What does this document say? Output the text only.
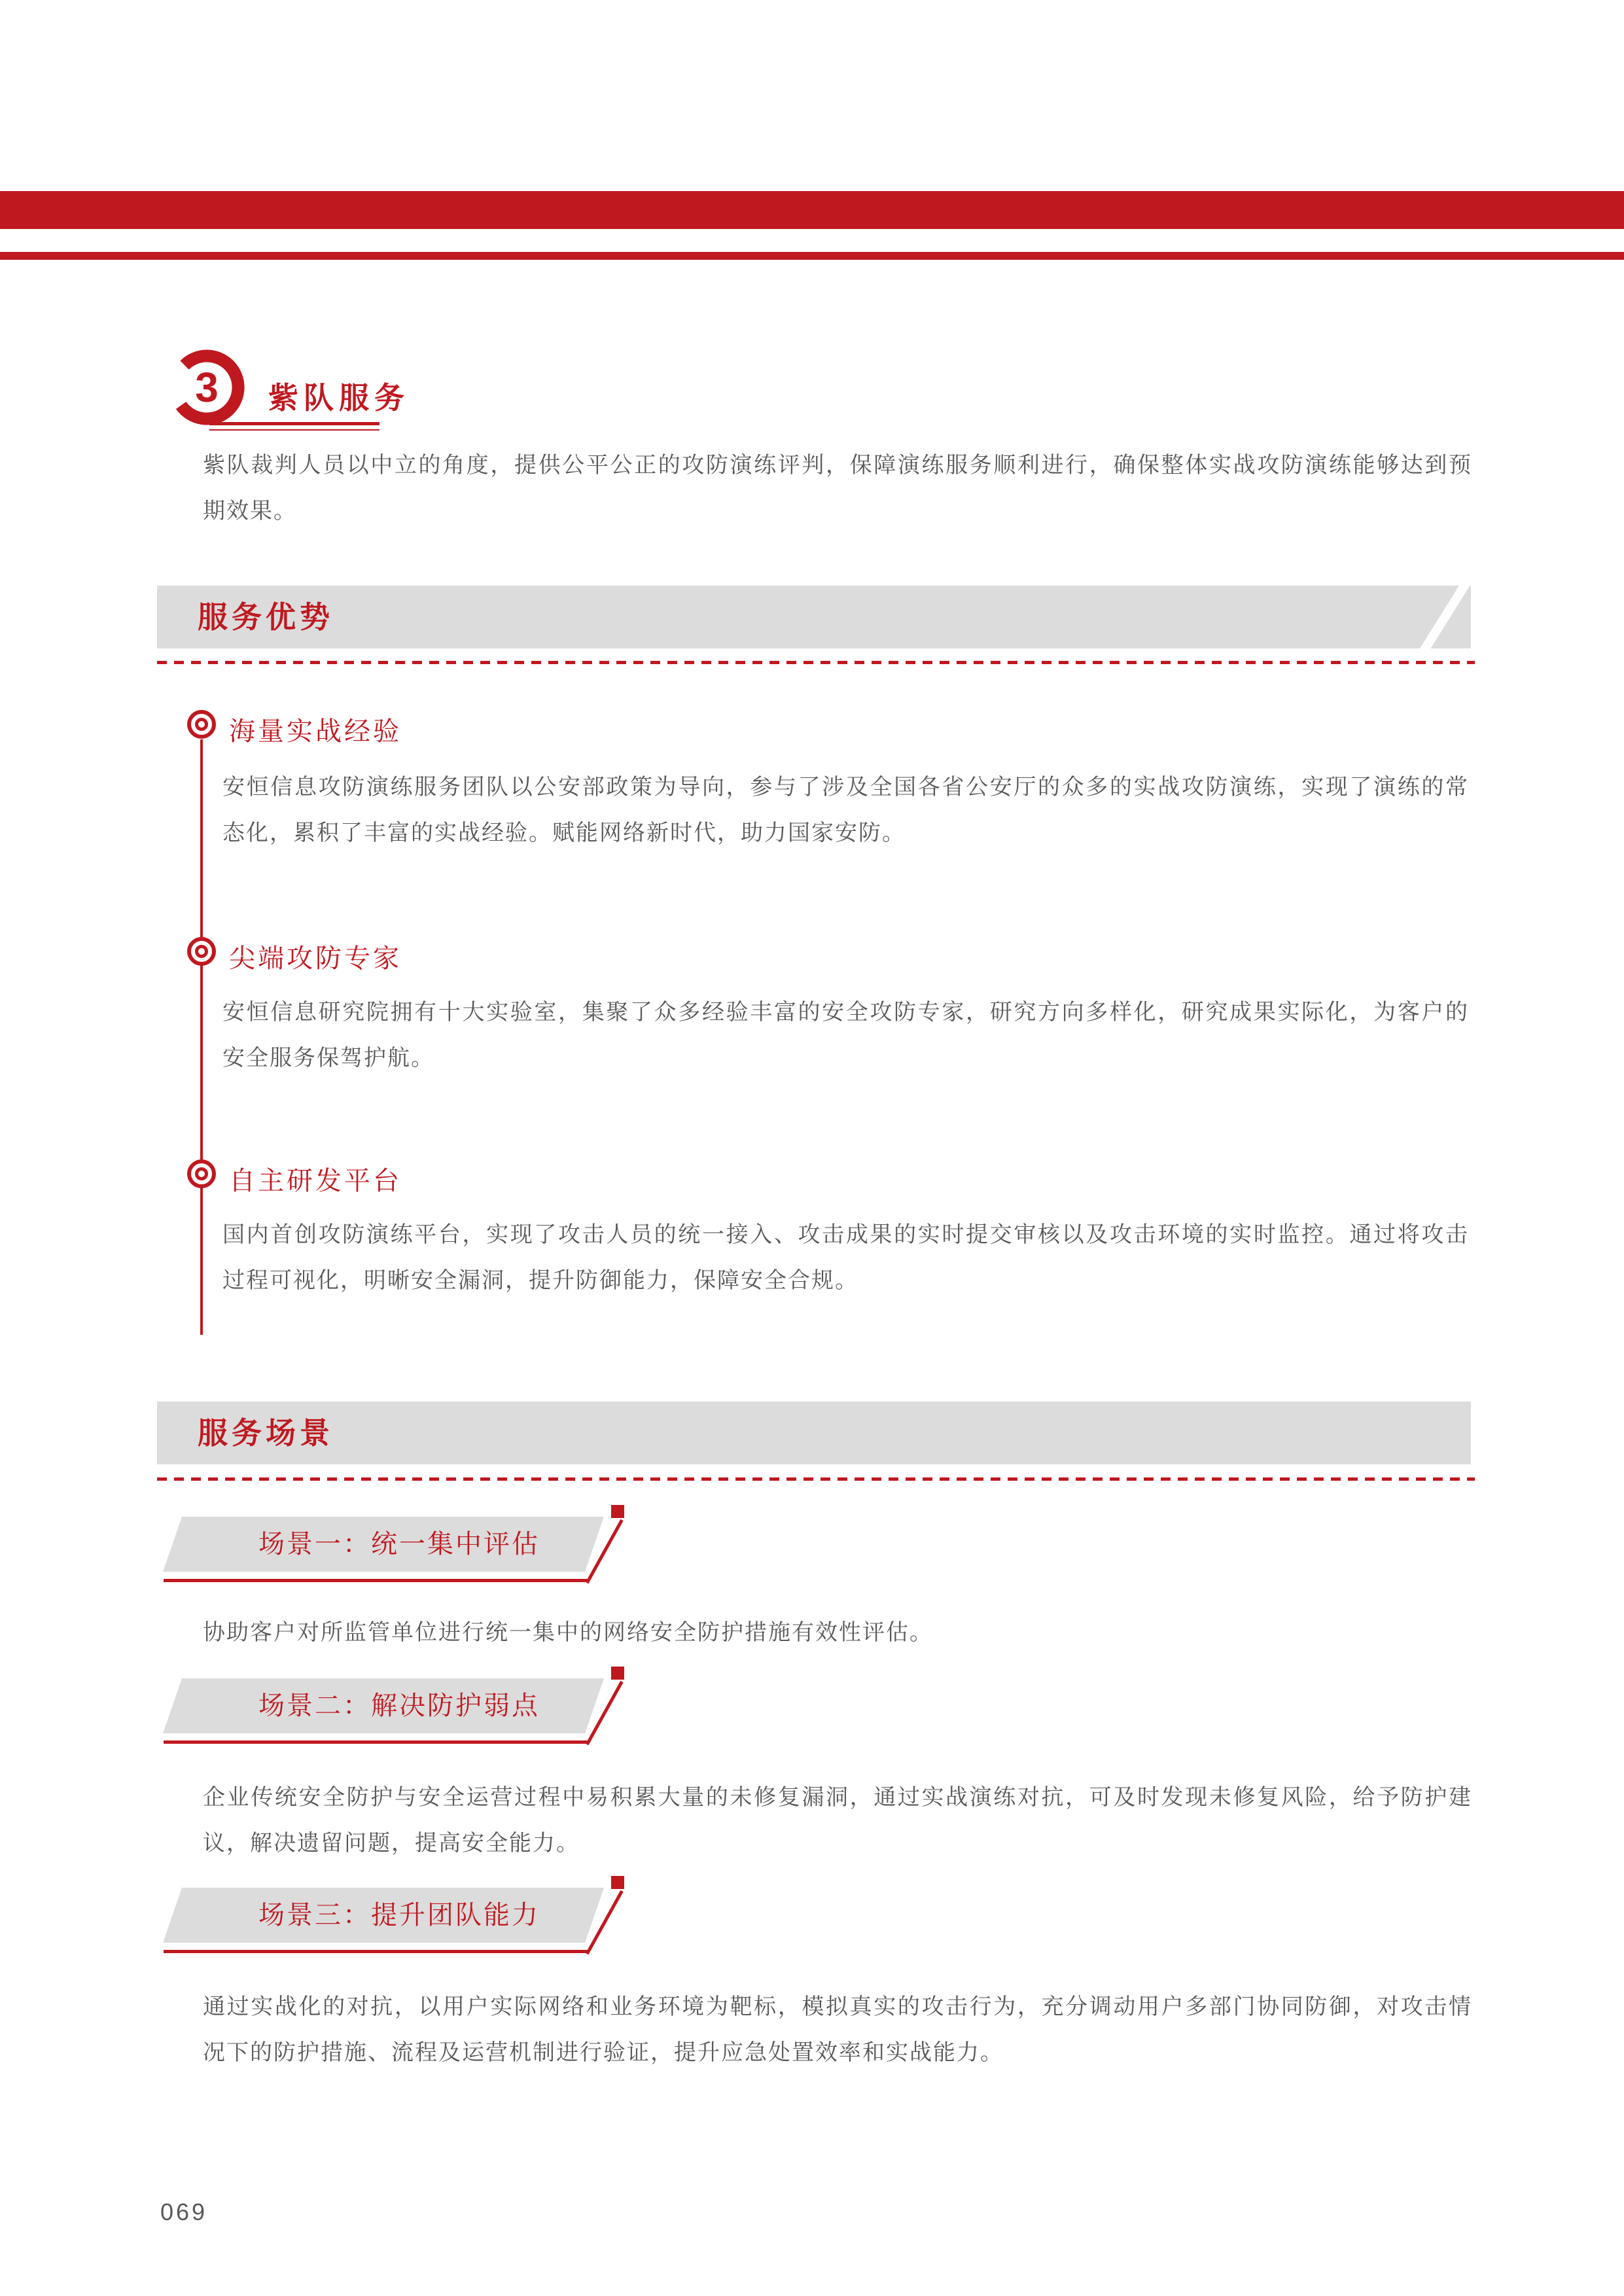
3	紫队服务
紫队裁判人员以中立的角度，提供公平公正的攻防演练评判，保障演练服务顺利进行，确保整体实战攻防演练能够达到预期效果。
服务优势
海量实战经验
安恒信息攻防演练服务团队以公安部政策为导向，参与了涉及全国各省公安厅的众多的实战攻防演练，实现了演练的常态化，累积了丰富的实战经验。赋能网络新时代，助力国家安防。
尖端攻防专家
安恒信息研究院拥有十大实验室，集聚了众多经验丰富的安全攻防专家，研究方向多样化，研究成果实际化，为客户的安全服务保驾护航。
自主研发平台
国内首创攻防演练平台，实现了攻击人员的统一接入、攻击成果的实时提交审核以及攻击环境的实时监控。通过将攻击过程可视化，明晰安全漏洞，提升防御能力，保障安全合规。
服务场景
场景一：统一集中评估
协助客户对所监管单位进行统一集中的网络安全防护措施有效性评估。
场景二：解决防护弱点
企业传统安全防护与安全运营过程中易积累大量的未修复漏洞，通过实战演练对抗，可及时发现未修复风险，给予防护建议，解决遗留问题，提高安全能力。
场景三：提升团队能力
通过实战化的对抗，以用户实际网络和业务环境为靶标，模拟真实的攻击行为，充分调动用户多部门协同防御，对攻击情况下的防护措施、流程及运营机制进行验证，提升应急处置效率和实战能力。
069
